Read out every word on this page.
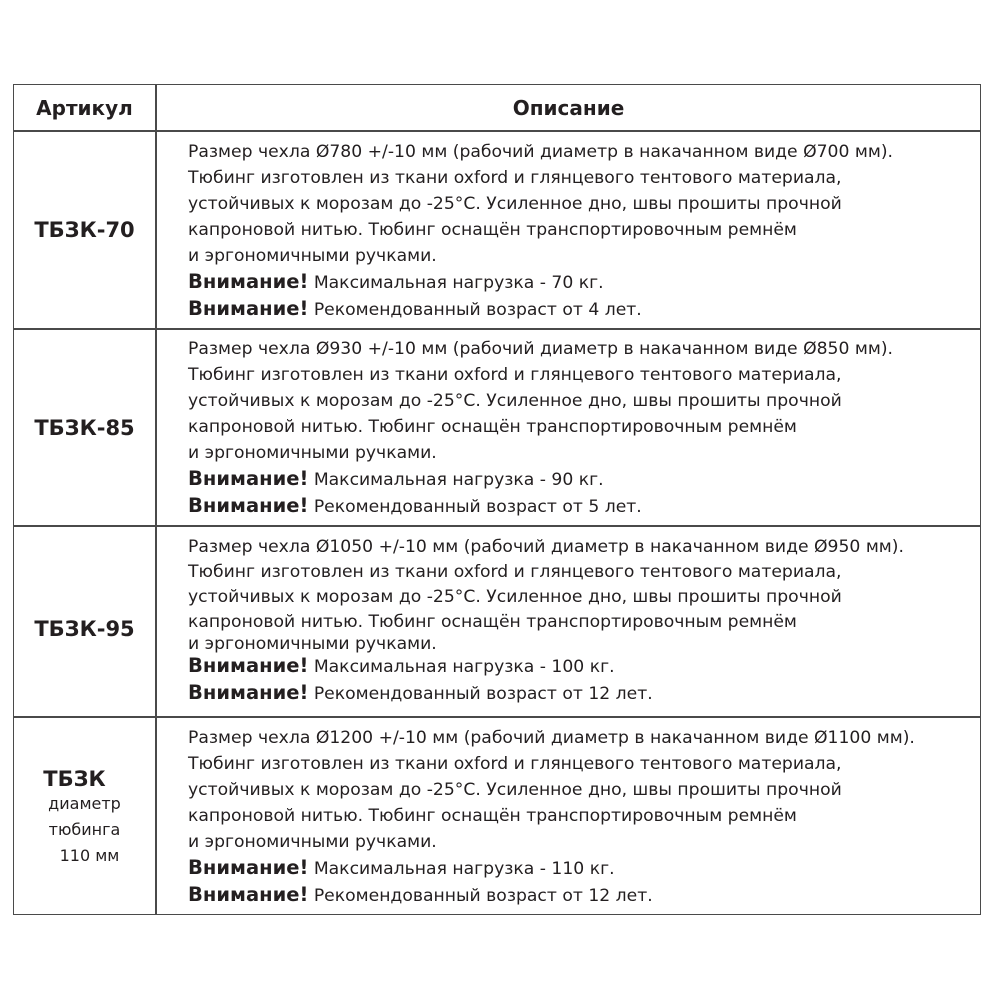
Артикул	Описание
ТБЗК-70
Размер чехла Ø780 +/-10 мм (рабочий диаметр в накачанном виде Ø700 мм).
Тюбинг изготовлен из ткани oxford и глянцевого тентового материала,
устойчивых к морозам до -25°C. Усиленное дно, швы прошиты прочной
капроновой нитью. Тюбинг оснащён транспортировочным ремнём
и эргономичными ручками.
Внимание! Максимальная нагрузка - 70 кг.
Внимание! Рекомендованный возраст от 4 лет.
ТБЗК-85
Размер чехла Ø930 +/-10 мм (рабочий диаметр в накачанном виде Ø850 мм).
Тюбинг изготовлен из ткани oxford и глянцевого тентового материала,
устойчивых к морозам до -25°C. Усиленное дно, швы прошиты прочной
капроновой нитью. Тюбинг оснащён транспортировочным ремнём
и эргономичными ручками.
Внимание! Максимальная нагрузка - 90 кг.
Внимание! Рекомендованный возраст от 5 лет.
ТБЗК-95
Размер чехла Ø1050 +/-10 мм (рабочий диаметр в накачанном виде Ø950 мм).
Тюбинг изготовлен из ткани oxford и глянцевого тентового материала,
устойчивых к морозам до -25°C. Усиленное дно, швы прошиты прочной
капроновой нитью. Тюбинг оснащён транспортировочным ремнём
и эргономичными ручками.
Внимание! Максимальная нагрузка - 100 кг.
Внимание! Рекомендованный возраст от 12 лет.
ТБЗК
диаметр
тюбинга
110 мм
Размер чехла Ø1200 +/-10 мм (рабочий диаметр в накачанном виде Ø1100 мм).
Тюбинг изготовлен из ткани oxford и глянцевого тентового материала,
устойчивых к морозам до -25°C. Усиленное дно, швы прошиты прочной
капроновой нитью. Тюбинг оснащён транспортировочным ремнём
и эргономичными ручками.
Внимание! Максимальная нагрузка - 110 кг.
Внимание! Рекомендованный возраст от 12 лет.
